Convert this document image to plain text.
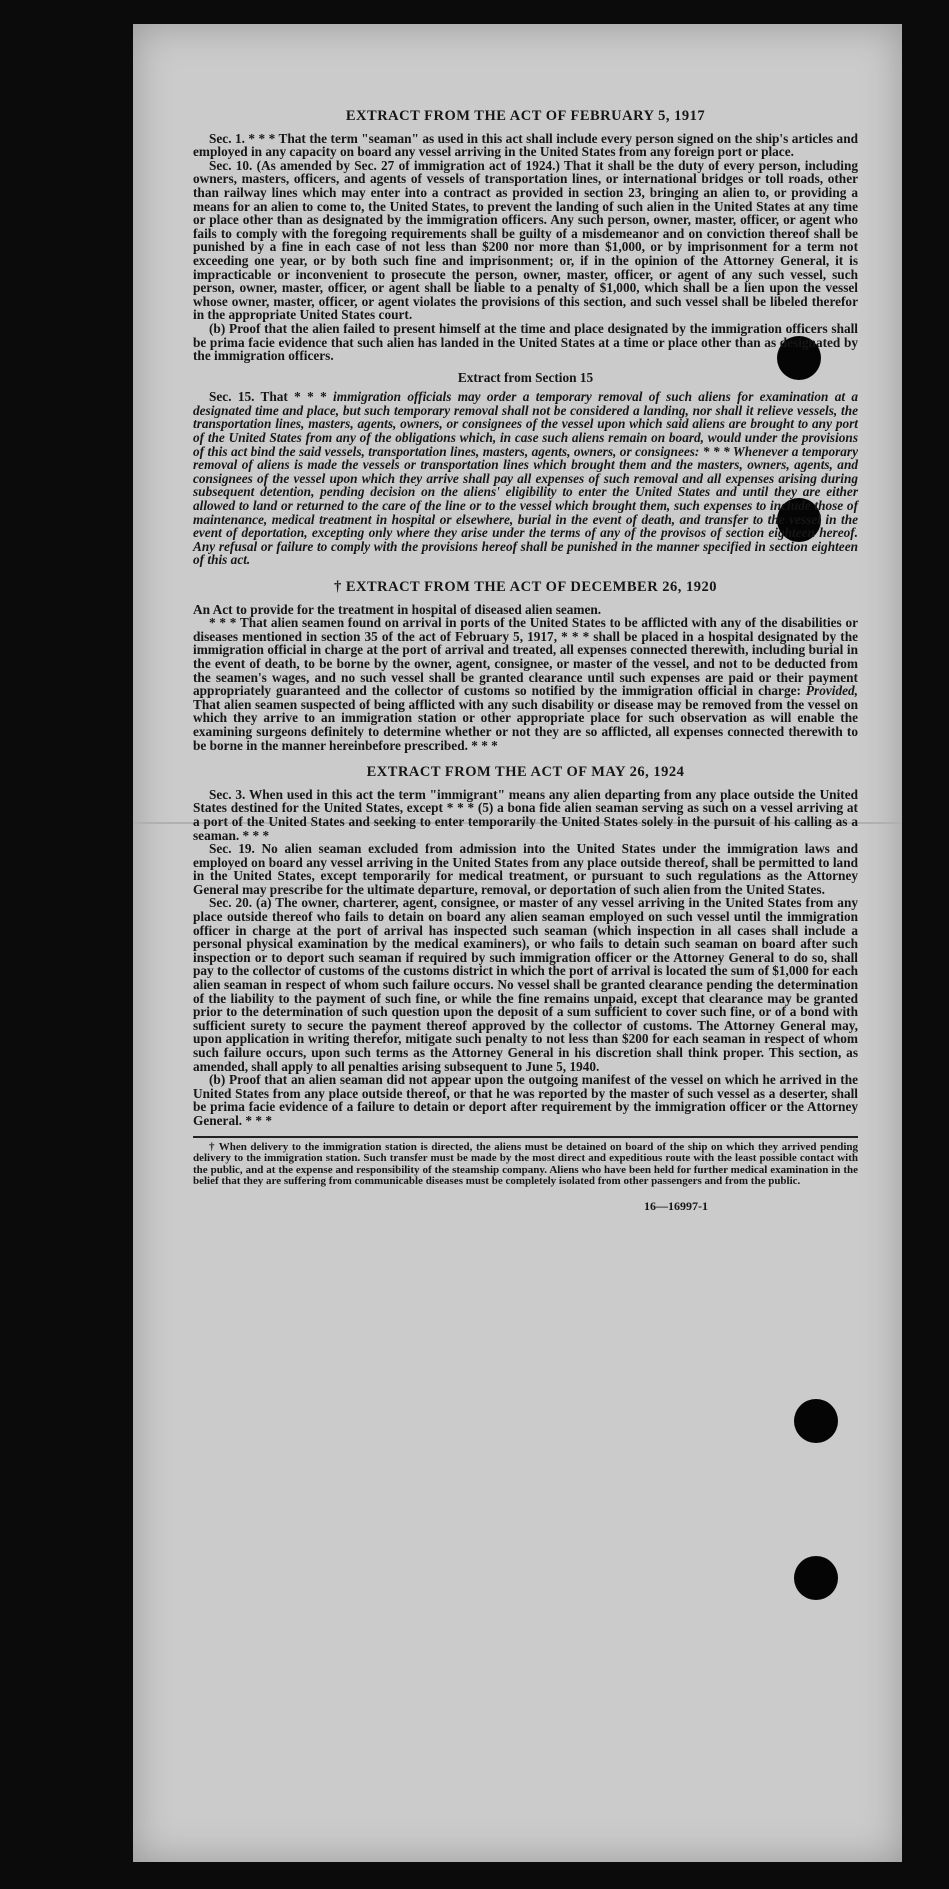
EXTRACT FROM THE ACT OF FEBRUARY 5, 1917

Sec. 1. * * * That the term "seaman" as used in this act shall include every person signed on the ship's articles and employed in any capacity on board any vessel arriving in the United States from any foreign port or place.

Sec. 10. (As amended by Sec. 27 of immigration act of 1924.) That it shall be the duty of every person, including owners, masters, officers, and agents of vessels of transportation lines, or international bridges or toll roads, other than railway lines which may enter into a contract as provided in section 23, bringing an alien to, or providing a means for an alien to come to, the United States, to prevent the landing of such alien in the United States at any time or place other than as designated by the immigration officers. Any such person, owner, master, officer, or agent who fails to comply with the foregoing requirements shall be guilty of a misdemeanor and on conviction thereof shall be punished by a fine in each case of not less than $200 nor more than $1,000, or by imprisonment for a term not exceeding one year, or by both such fine and imprisonment; or, if in the opinion of the Attorney General, it is impracticable or inconvenient to prosecute the person, owner, master, officer, or agent of any such vessel, such person, owner, master, officer, or agent shall be liable to a penalty of $1,000, which shall be a lien upon the vessel whose owner, master, officer, or agent violates the provisions of this section, and such vessel shall be libeled therefor in the appropriate United States court.

(b) Proof that the alien failed to present himself at the time and place designated by the immigration officers shall be prima facie evidence that such alien has landed in the United States at a time or place other than as designated by the immigration officers.

Extract from Section 15

Sec. 15. That * * * immigration officials may order a temporary removal of such aliens for examination at a designated time and place, but such temporary removal shall not be considered a landing, nor shall it relieve vessels, the transportation lines, masters, agents, owners, or consignees of the vessel upon which said aliens are brought to any port of the United States from any of the obligations which, in case such aliens remain on board, would under the provisions of this act bind the said vessels, transportation lines, masters, agents, owners, or consignees: * * * Whenever a temporary removal of aliens is made the vessels or transportation lines which brought them and the masters, owners, agents, and consignees of the vessel upon which they arrive shall pay all expenses of such removal and all expenses arising during subsequent detention, pending decision on the aliens' eligibility to enter the United States and until they are either allowed to land or returned to the care of the line or to the vessel which brought them, such expenses to include those of maintenance, medical treatment in hospital or elsewhere, burial in the event of death, and transfer to the vessel in the event of deportation, excepting only where they arise under the terms of any of the provisos of section eighteen hereof. Any refusal or failure to comply with the provisions hereof shall be punished in the manner specified in section eighteen of this act.

† EXTRACT FROM THE ACT OF DECEMBER 26, 1920

An Act to provide for the treatment in hospital of diseased alien seamen.

* * * That alien seamen found on arrival in ports of the United States to be afflicted with any of the disabilities or diseases mentioned in section 35 of the act of February 5, 1917, * * * shall be placed in a hospital designated by the immigration official in charge at the port of arrival and treated, all expenses connected therewith, including burial in the event of death, to be borne by the owner, agent, consignee, or master of the vessel, and not to be deducted from the seamen's wages, and no such vessel shall be granted clearance until such expenses are paid or their payment appropriately guaranteed and the collector of customs so notified by the immigration official in charge: Provided, That alien seamen suspected of being afflicted with any such disability or disease may be removed from the vessel on which they arrive to an immigration station or other appropriate place for such observation as will enable the examining surgeons definitely to determine whether or not they are so afflicted, all expenses connected therewith to be borne in the manner hereinbefore prescribed. * * *

EXTRACT FROM THE ACT OF MAY 26, 1924

Sec. 3. When used in this act the term "immigrant" means any alien departing from any place outside the United States destined for the United States, except * * * (5) a bona fide alien seaman serving as such on a vessel arriving at a port of the United States and seeking to enter temporarily the United States solely in the pursuit of his calling as a seaman. * * *

Sec. 19. No alien seaman excluded from admission into the United States under the immigration laws and employed on board any vessel arriving in the United States from any place outside thereof, shall be permitted to land in the United States, except temporarily for medical treatment, or pursuant to such regulations as the Attorney General may prescribe for the ultimate departure, removal, or deportation of such alien from the United States.

Sec. 20. (a) The owner, charterer, agent, consignee, or master of any vessel arriving in the United States from any place outside thereof who fails to detain on board any alien seaman employed on such vessel until the immigration officer in charge at the port of arrival has inspected such seaman (which inspection in all cases shall include a personal physical examination by the medical examiners), or who fails to detain such seaman on board after such inspection or to deport such seaman if required by such immigration officer or the Attorney General to do so, shall pay to the collector of customs of the customs district in which the port of arrival is located the sum of $1,000 for each alien seaman in respect of whom such failure occurs. No vessel shall be granted clearance pending the determination of the liability to the payment of such fine, or while the fine remains unpaid, except that clearance may be granted prior to the determination of such question upon the deposit of a sum sufficient to cover such fine, or of a bond with sufficient surety to secure the payment thereof approved by the collector of customs. The Attorney General may, upon application in writing therefor, mitigate such penalty to not less than $200 for each seaman in respect of whom such failure occurs, upon such terms as the Attorney General in his discretion shall think proper. This section, as amended, shall apply to all penalties arising subsequent to June 5, 1940.

(b) Proof that an alien seaman did not appear upon the outgoing manifest of the vessel on which he arrived in the United States from any place outside thereof, or that he was reported by the master of such vessel as a deserter, shall be prima facie evidence of a failure to detain or deport after requirement by the immigration officer or the Attorney General. * * *

† When delivery to the immigration station is directed, the aliens must be detained on board of the ship on which they arrived pending delivery to the immigration station. Such transfer must be made by the most direct and expeditious route with the least possible contact with the public, and at the expense and responsibility of the steamship company. Aliens who have been held for further medical examination in the belief that they are suffering from communicable diseases must be completely isolated from other passengers and from the public.

16—16997-1
